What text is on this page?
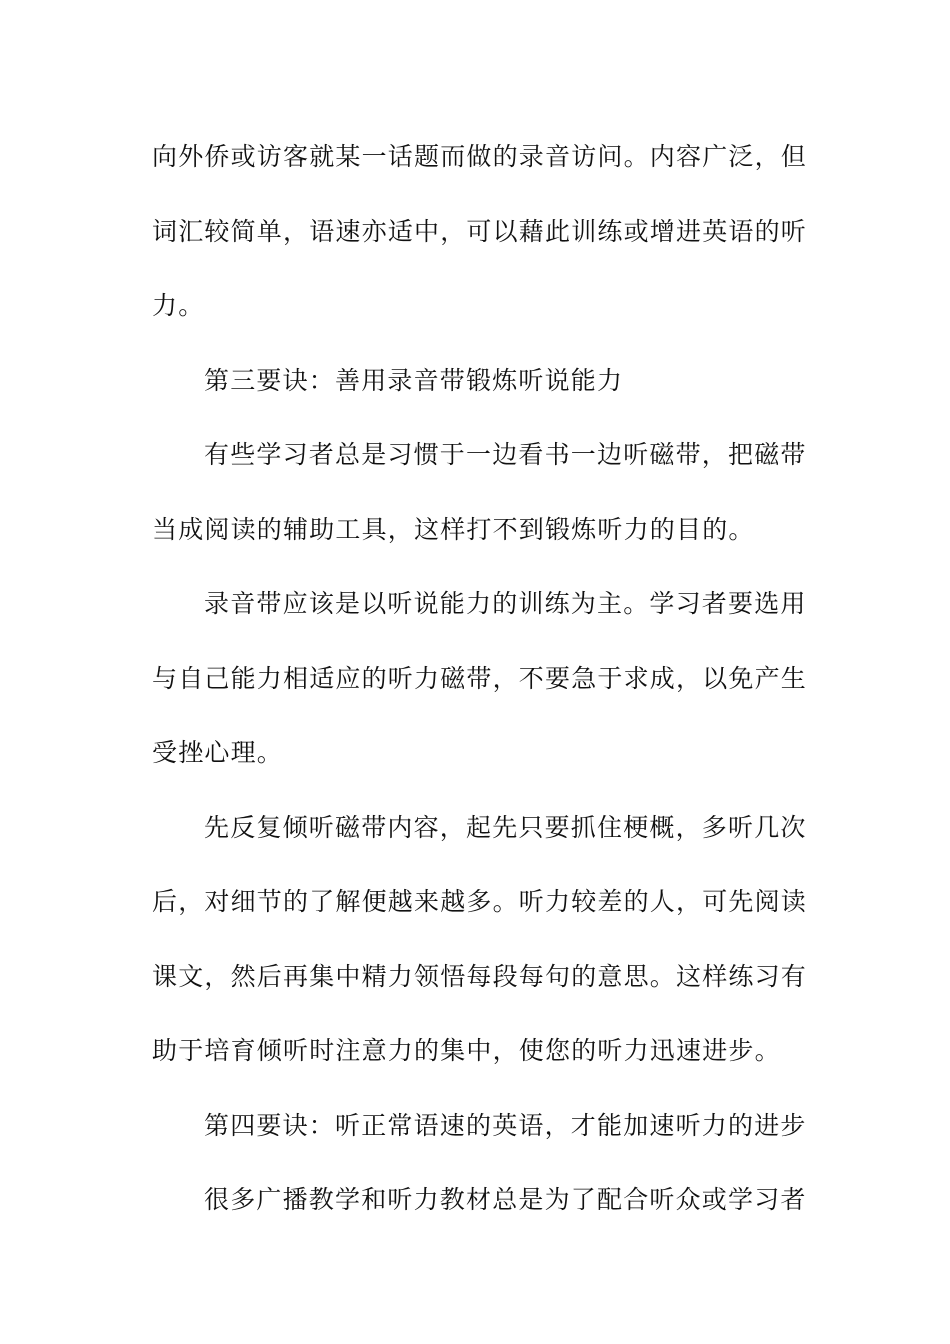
向外侨或访客就某一话题而做的录音访问。内容广泛，但
词汇较简单，语速亦适中，可以藉此训练或增进英语的听
力。
第三要诀：善用录音带锻炼听说能力
有些学习者总是习惯于一边看书一边听磁带，把磁带
当成阅读的辅助工具，这样打不到锻炼听力的目的。
录音带应该是以听说能力的训练为主。学习者要选用
与自己能力相适应的听力磁带，不要急于求成，以免产生
受挫心理。
先反复倾听磁带内容，起先只要抓住梗概，多听几次
后，对细节的了解便越来越多。听力较差的人，可先阅读
课文，然后再集中精力领悟每段每句的意思。这样练习有
助于培育倾听时注意力的集中，使您的听力迅速进步。
第四要诀：听正常语速的英语，才能加速听力的进步
很多广播教学和听力教材总是为了配合听众或学习者
